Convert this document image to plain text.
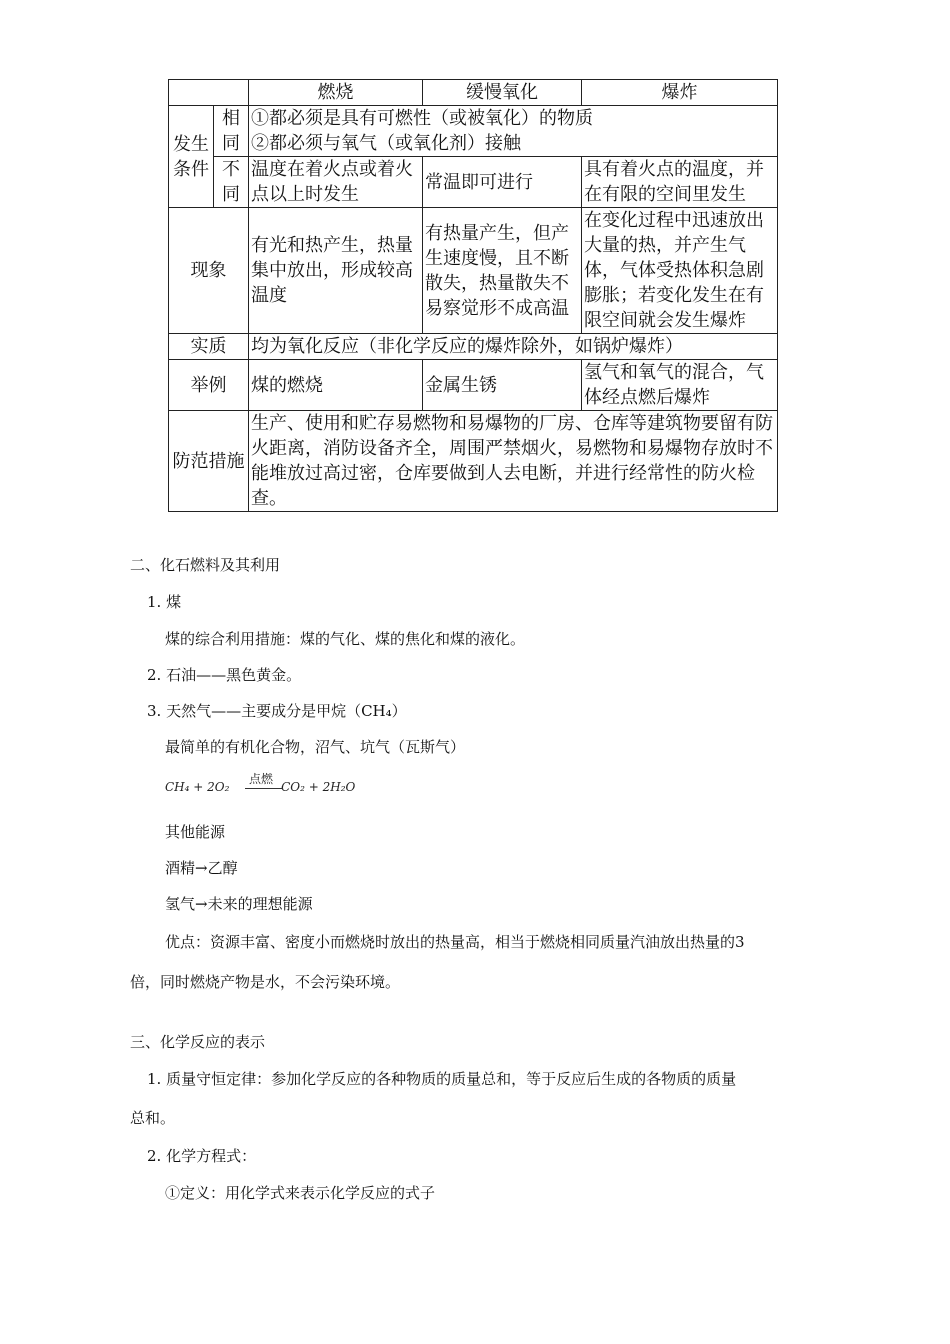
		燃烧	缓慢氧化	爆炸
发生条件	相同	①都必须是具有可燃性（或被氧化）的物质
②都必须与氧气（或氧化剂）接触		

	不同	温度在着火点或着火点以上时发生	常温即可进行	具有着火点的温度，并在有限的空间里发生
现象		有光和热产生，热量集中放出，形成较高温度	有热量产生，但产生速度慢，且不断散失，热量散失不易察觉形不成高温	在变化过程中迅速放出大量的热，并产生气体，气体受热体积急剧膨胀；若变化发生在有限空间就会发生爆炸
实质		均为氧化反应（非化学反应的爆炸除外，如锅炉爆炸）		
举例		煤的燃烧	金属生锈	氢气和氧气的混合，气体经点燃后爆炸
防范措施		生产、使用和贮存易燃物和易爆物的厂房、仓库等建筑物要留有防火距离，消防设备齐全，周围严禁烟火，易燃物和易爆物存放时不能堆放过高过密，仓库要做到人去电断，并进行经常性的防火检查。		
二、化石燃料及其利用
1. 煤
煤的综合利用措施：煤的气化、煤的焦化和煤的液化。
2. 石油——黑色黄金。
3. 天然气——主要成分是甲烷（CH₄）
最简单的有机化合物，沼气、坑气（瓦斯气）
CH₄ + 2O₂
点燃
CO₂ + 2H₂O
其他能源
酒精→乙醇
氢气→未来的理想能源
优点：资源丰富、密度小而燃烧时放出的热量高，相当于燃烧相同质量汽油放出热量的3
倍，同时燃烧产物是水，不会污染环境。
三、化学反应的表示
1. 质量守恒定律：参加化学反应的各种物质的质量总和，等于反应后生成的各物质的质量
总和。
2. 化学方程式：
①定义：用化学式来表示化学反应的式子
